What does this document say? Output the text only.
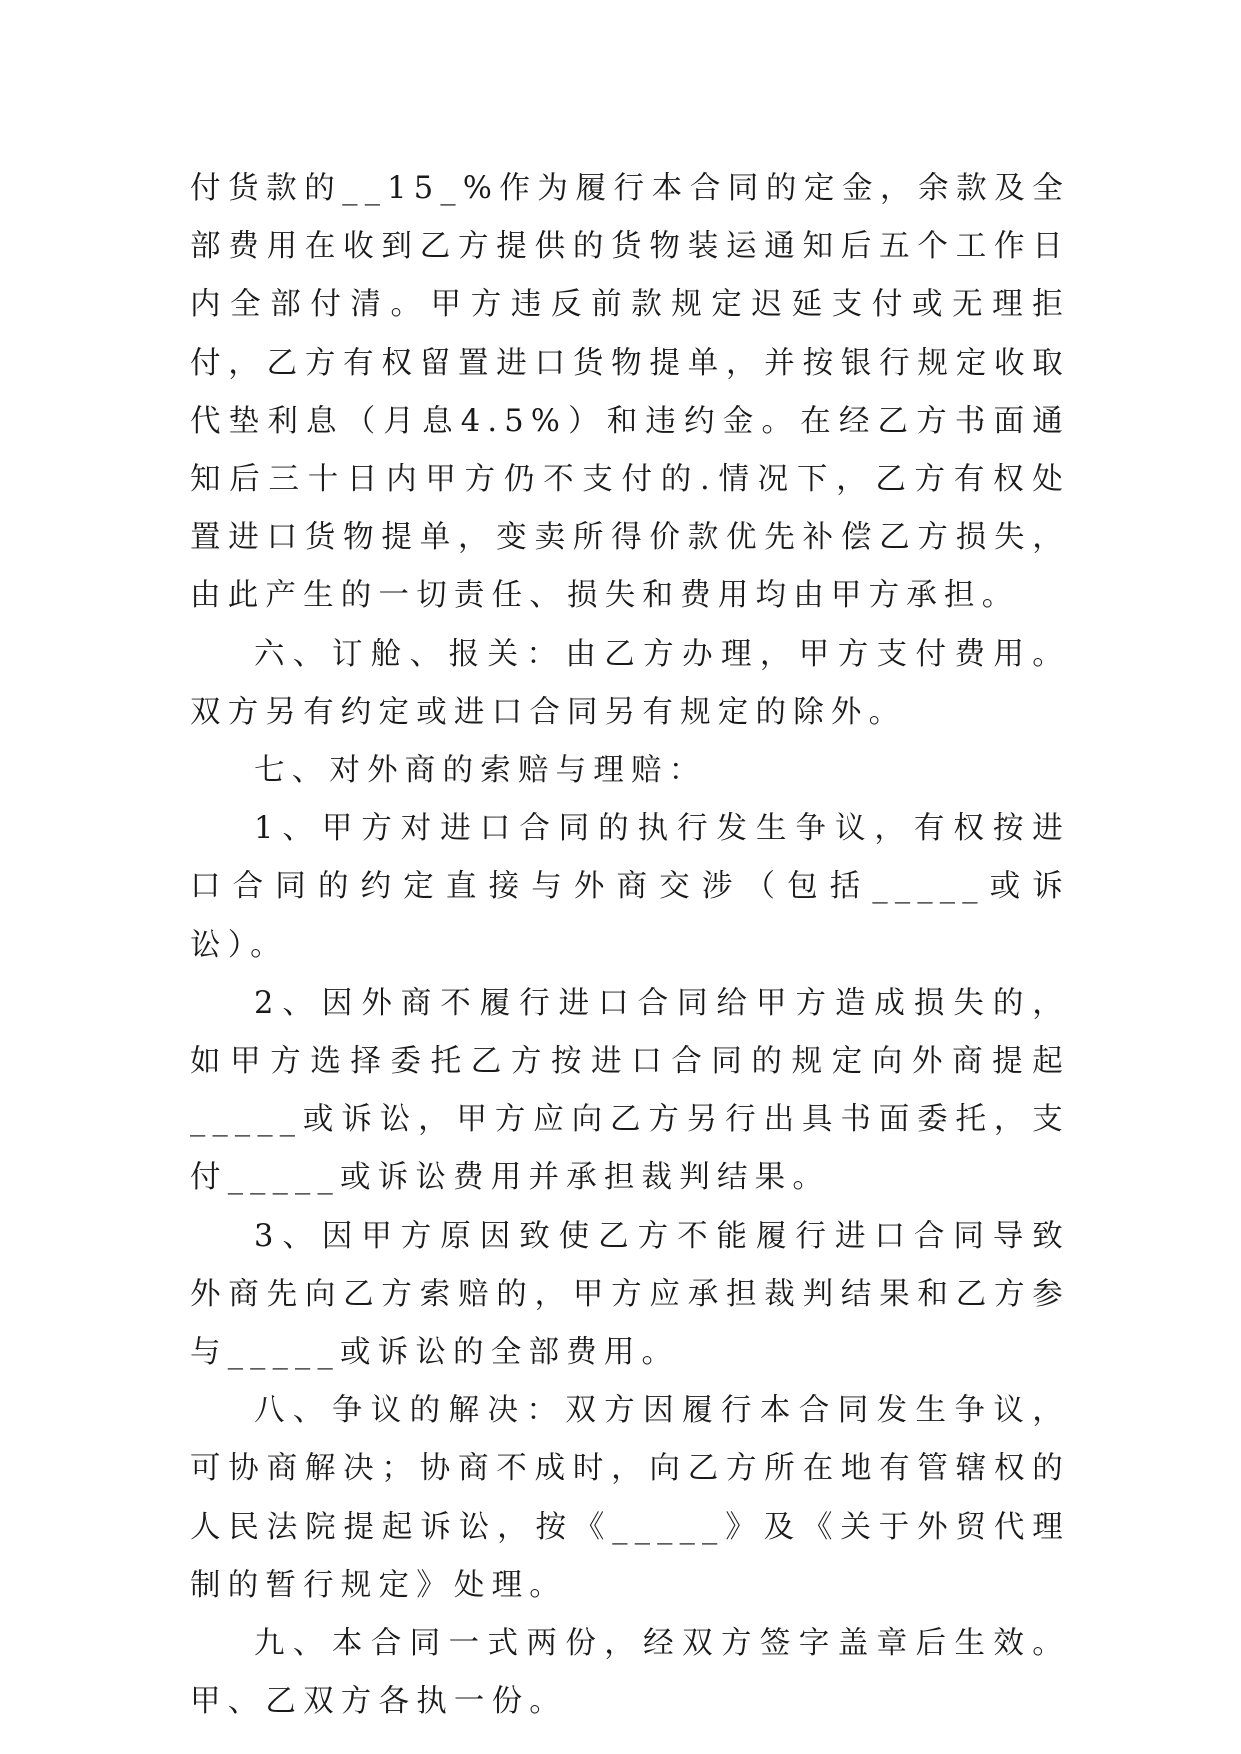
付货款的__15_%作为履行本合同的定金，余款及全部费用在收到乙方提供的货物装运通知后五个工作日内全部付清。甲方违反前款规定迟延支付或无理拒付，乙方有权留置进口货物提单，并按银行规定收取代垫利息（月息4.5%）和违约金。在经乙方书面通知后三十日内甲方仍不支付的.情况下，乙方有权处置进口货物提单，变卖所得价款优先补偿乙方损失，由此产生的一切责任、损失和费用均由甲方承担。

六、订舱、报关：由乙方办理，甲方支付费用。双方另有约定或进口合同另有规定的除外。

七、对外商的索赔与理赔：

1、甲方对进口合同的执行发生争议，有权按进口合同的约定直接与外商交涉（包括_____或诉讼）。

2、因外商不履行进口合同给甲方造成损失的，如甲方选择委托乙方按进口合同的规定向外商提起_____或诉讼，甲方应向乙方另行出具书面委托，支付_____或诉讼费用并承担裁判结果。

3、因甲方原因致使乙方不能履行进口合同导致外商先向乙方索赔的，甲方应承担裁判结果和乙方参与_____或诉讼的全部费用。

八、争议的解决：双方因履行本合同发生争议，可协商解决；协商不成时，向乙方所在地有管辖权的人民法院提起诉讼，按《_____》及《关于外贸代理制的暂行规定》处理。

九、本合同一式两份，经双方签字盖章后生效。甲、乙双方各执一份。
